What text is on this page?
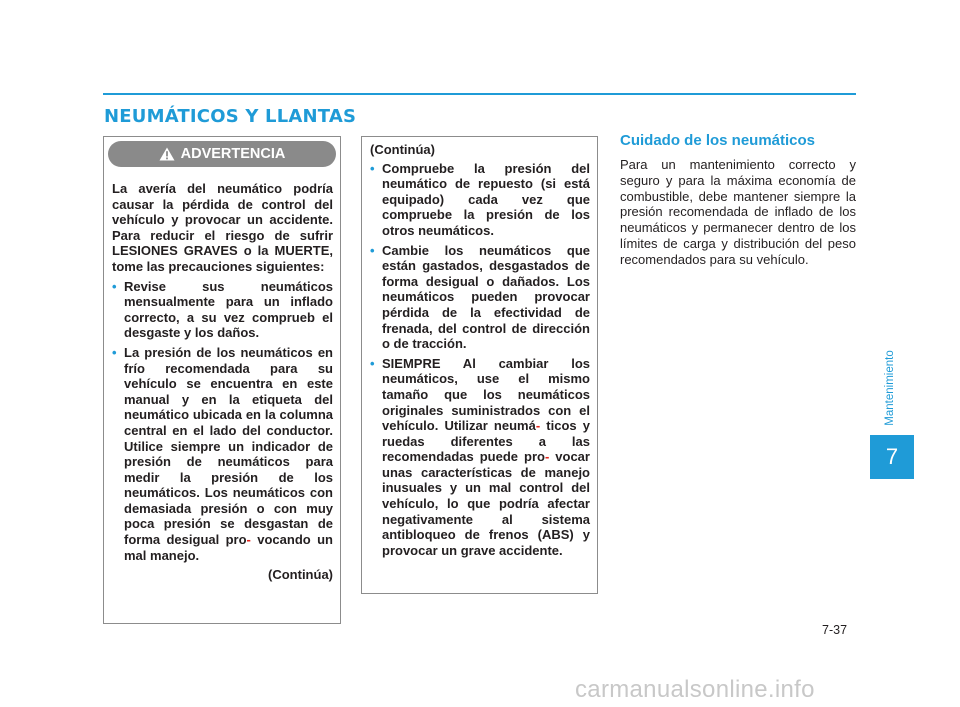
NEUMÁTICOS Y LLANTAS
ADVERTENCIA

La avería del neumático podría causar la pérdida de control del vehículo y provocar un accidente. Para reducir el riesgo de sufrir LESIONES GRAVES o la MUERTE, tome las precauciones siguientes:

• Revise sus neumáticos mensualmente para un inflado correcto, a su vez comprueb el desgaste y los daños.
• La presión de los neumáticos en frío recomendada para su vehículo se encuentra en este manual y en la etiqueta del neumático ubicada en la columna central en el lado del conductor. Utilice siempre un indicador de presión de neumáticos para medir la presión de los neumáticos. Los neumáticos con demasiada presión o con muy poca presión se desgastan de forma desigual pro- vocando un mal manejo.
(Continúa)
(Continúa)
• Compruebe la presión del neumático de repuesto (si está equipado) cada vez que compruebe la presión de los otros neumáticos.
• Cambie los neumáticos que están gastados, desgastados de forma desigual o dañados. Los neumáticos pueden provocar pérdida de la efectividad de frenada, del control de dirección o de tracción.
• SIEMPRE Al cambiar los neumáticos, use el mismo tamaño que los neumáticos originales suministrados con el vehículo. Utilizar neumá- ticos y ruedas diferentes a las recomendadas puede pro- vocar unas características de manejo inusuales y un mal control del vehículo, lo que podría afectar negativamente al sistema antibloqueo de frenos (ABS) y provocar un grave accidente.
Cuidado de los neumáticos

Para un mantenimiento correcto y seguro y para la máxima economía de combustible, debe mantener siempre la presión recomendada de inflado de los neumáticos y permanecer dentro de los límites de carga y distribución del peso recomendados para su vehículo.

Mantenimiento
7
7-37
carmanualsonline.info
